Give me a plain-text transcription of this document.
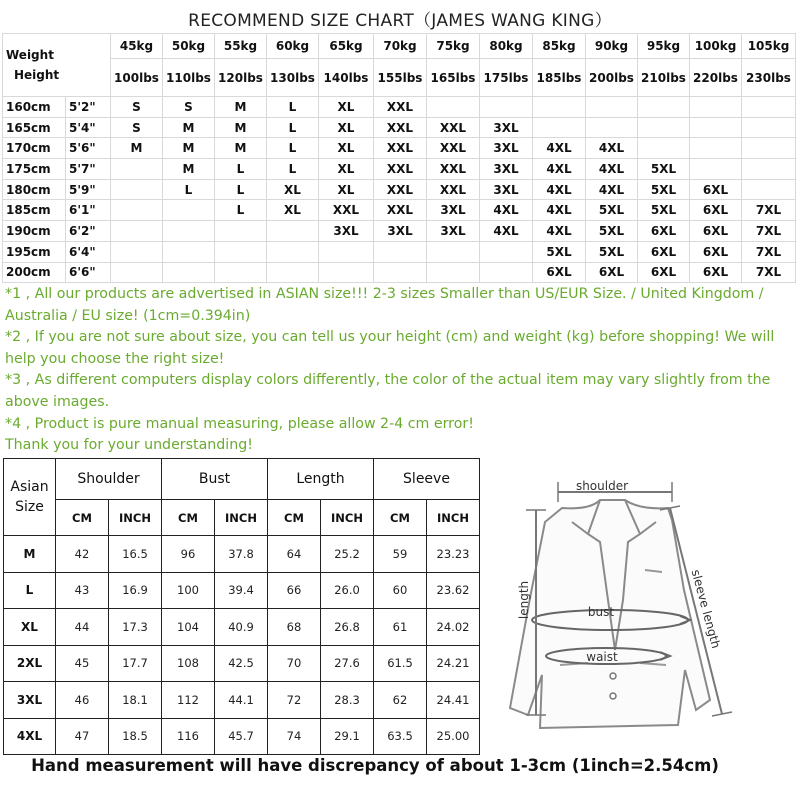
RECOMMEND SIZE CHART（JAMES WANG KING）
Weight
Height		45kg	50kg	55kg	60kg	65kg	70kg	75kg	80kg	85kg	90kg	95kg	100kg	105kg
		100lbs	110lbs	120lbs	130lbs	140lbs	155lbs	165lbs	175lbs	185lbs	200lbs	210lbs	220lbs	230lbs
160cm	5'2"	S	S	M	L	XL	XXL							
165cm	5'4"	S	M	M	L	XL	XXL	XXL	3XL					
170cm	5'6"	M	M	M	L	XL	XXL	XXL	3XL	4XL	4XL			
175cm	5'7"		M	L	L	XL	XXL	XXL	3XL	4XL	4XL	5XL		
180cm	5'9"		L	L	XL	XL	XXL	XXL	3XL	4XL	4XL	5XL	6XL	
185cm	6'1"			L	XL	XXL	XXL	3XL	4XL	4XL	5XL	5XL	6XL	7XL
190cm	6'2"					3XL	3XL	3XL	4XL	4XL	5XL	6XL	6XL	7XL
195cm	6'4"									5XL	5XL	6XL	6XL	7XL
200cm	6'6"									6XL	6XL	6XL	6XL	7XL

*1 , All our products are advertised in ASIAN size!!! 2-3 sizes Smaller than US/EUR Size. / United Kingdom / Australia / EU size! (1cm=0.394in)

*2 , If you are not sure about size, you can tell us your height (cm) and weight (kg) before shopping! We will help you choose the right size!

*3 , As different computers display colors differently, the color of the actual item may vary slightly from the above images.

*4 , Product is pure manual measuring, please allow 2-4 cm error!

Thank you for your understanding!

Asian
Size	Shoulder		Bust		Length		Sleeve	
	CM	INCH	CM	INCH	CM	INCH	CM	INCH
M	42	16.5	96	37.8	64	25.2	59	23.23
L	43	16.9	100	39.4	66	26.0	60	23.62
XL	44	17.3	104	40.9	68	26.8	61	24.02
2XL	45	17.7	108	42.5	70	27.6	61.5	24.21
3XL	46	18.1	112	44.1	72	28.3	62	24.41
4XL	47	18.5	116	45.7	74	29.1	63.5	25.00
shoulder
bust
waist
length	sleeve length
Hand measurement will have discrepancy of about 1-3cm (1inch=2.54cm)
